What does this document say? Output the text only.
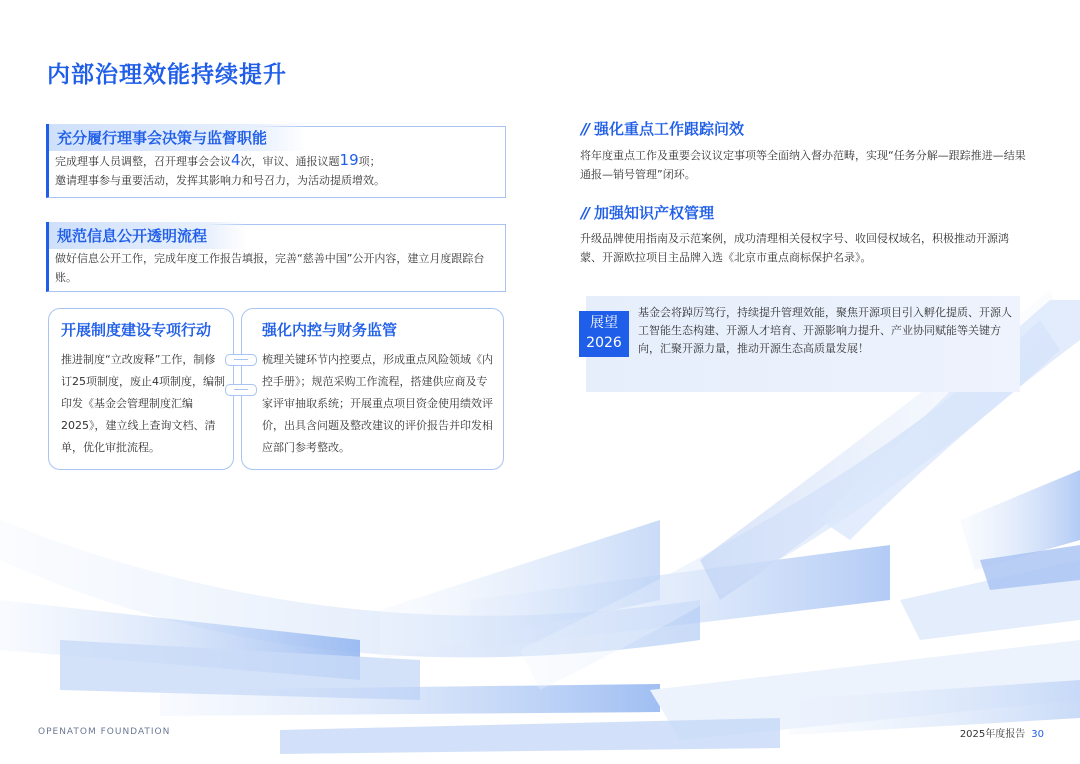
内部治理效能持续提升
充分履行理事会决策与监督职能
完成理事人员调整，召开理事会会议4次，审议、通报议题19项；
邀请理事参与重要活动，发挥其影响力和号召力，为活动提质增效。
规范信息公开透明流程
做好信息公开工作，完成年度工作报告填报，完善“慈善中国”公开内容，建立月度跟踪台账。
开展制度建设专项行动
推进制度“立改废释”工作，制修订25项制度，废止4项制度，编制印发《基金会管理制度汇编2025》，建立线上查询文档、清单，优化审批流程。
强化内控与财务监管
梳理关键环节内控要点，形成重点风险领域《内控手册》；规范采购工作流程，搭建供应商及专家评审抽取系统；开展重点项目资金使用绩效评价，出具含问题及整改建议的评价报告并印发相应部门参考整改。
// 强化重点工作跟踪问效
将年度重点工作及重要会议议定事项等全面纳入督办范畴，实现“任务分解—跟踪推进—结果通报—销号管理”闭环。
// 加强知识产权管理
升级品牌使用指南及示范案例，成功清理相关侵权字号、收回侵权域名，积极推动开源鸿蒙、开源欧拉项目主品牌入选《北京市重点商标保护名录》。
展望
2026
基金会将踔厉笃行，持续提升管理效能，聚焦开源项目引入孵化提质、开源人工智能生态构建、开源人才培育、开源影响力提升、产业协同赋能等关键方向，汇聚开源力量，推动开源生态高质量发展！
OPENATOM FOUNDATION	2025年度报告 30
